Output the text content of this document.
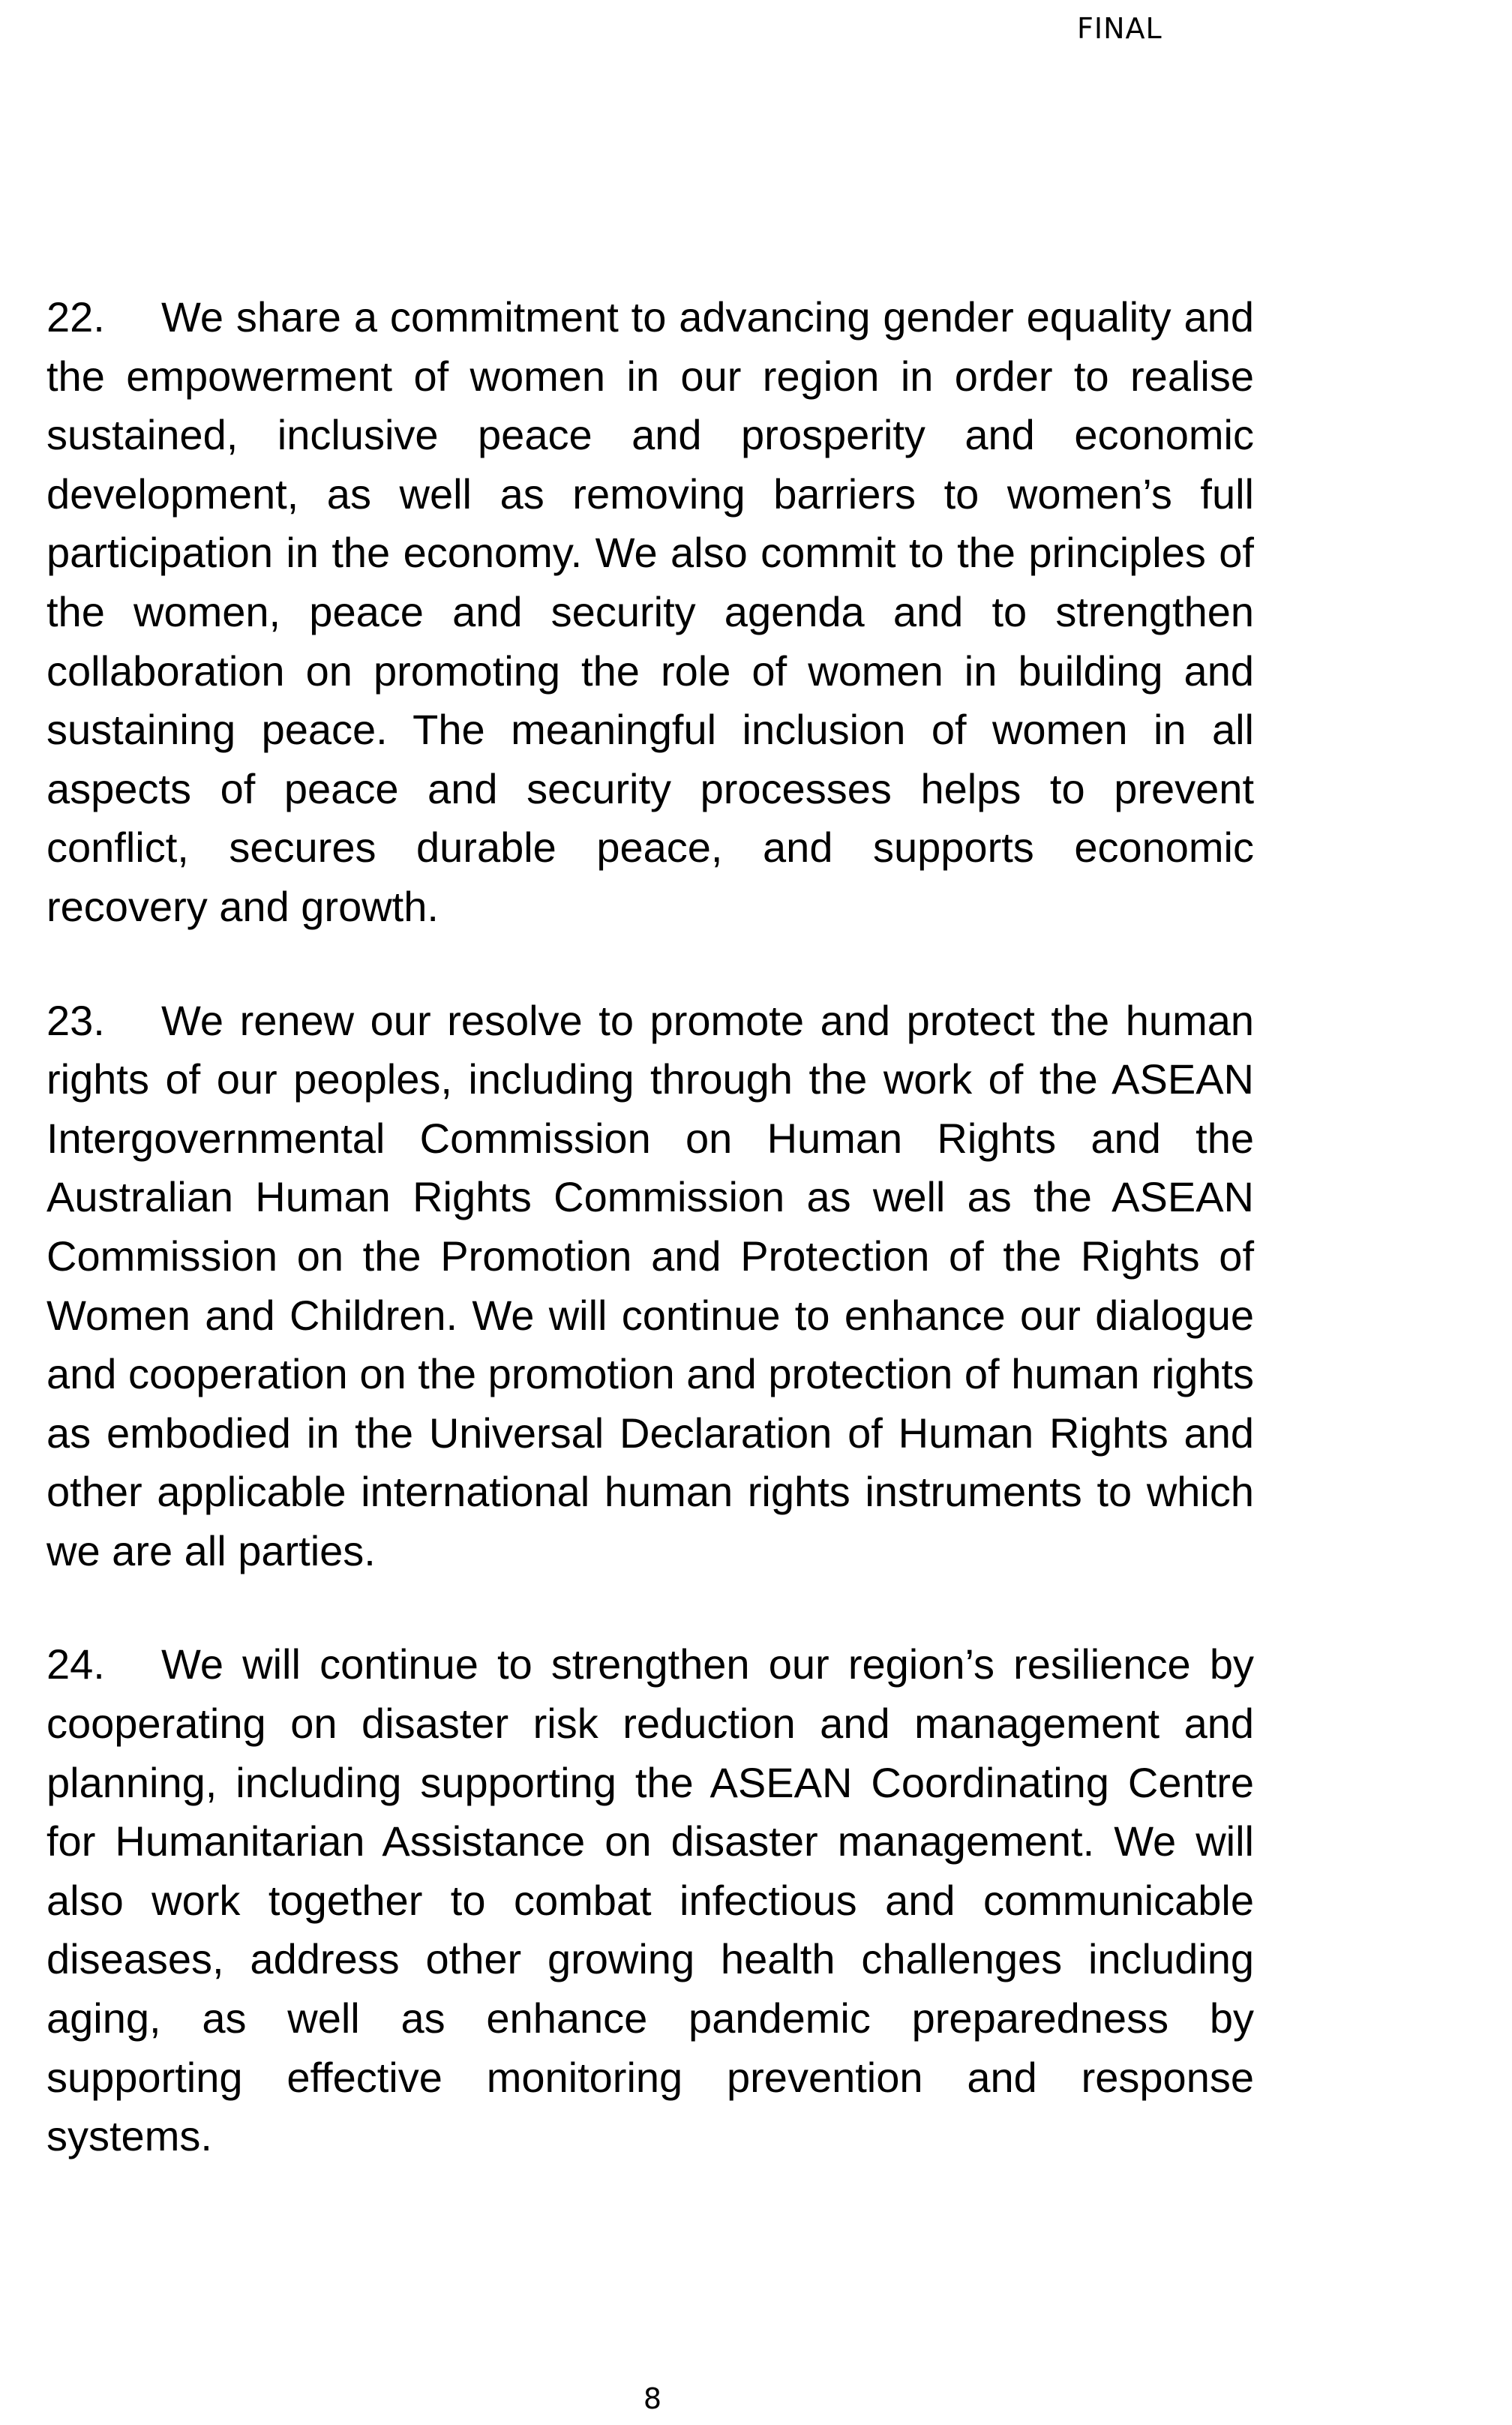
FINAL

22. We share a commitment to advancing gender equality and the empowerment of women in our region in order to realise sustained, inclusive peace and prosperity and economic development, as well as removing barriers to women’s full participation in the economy. We also commit to the principles of the women, peace and security agenda and to strengthen collaboration on promoting the role of women in building and sustaining peace. The meaningful inclusion of women in all aspects of peace and security processes helps to prevent conflict, secures durable peace, and supports economic recovery and growth.

23. We renew our resolve to promote and protect the human rights of our peoples, including through the work of the ASEAN Intergovernmental Commission on Human Rights and the Australian Human Rights Commission as well as the ASEAN Commission on the Promotion and Protection of the Rights of Women and Children. We will continue to enhance our dialogue and cooperation on the promotion and protection of human rights as embodied in the Universal Declaration of Human Rights and other applicable international human rights instruments to which we are all parties.

24. We will continue to strengthen our region’s resilience by cooperating on disaster risk reduction and management and planning, including supporting the ASEAN Coordinating Centre for Humanitarian Assistance on disaster management. We will also work together to combat infectious and communicable diseases, address other growing health challenges including aging, as well as enhance pandemic preparedness by supporting effective monitoring prevention and response systems.

8
